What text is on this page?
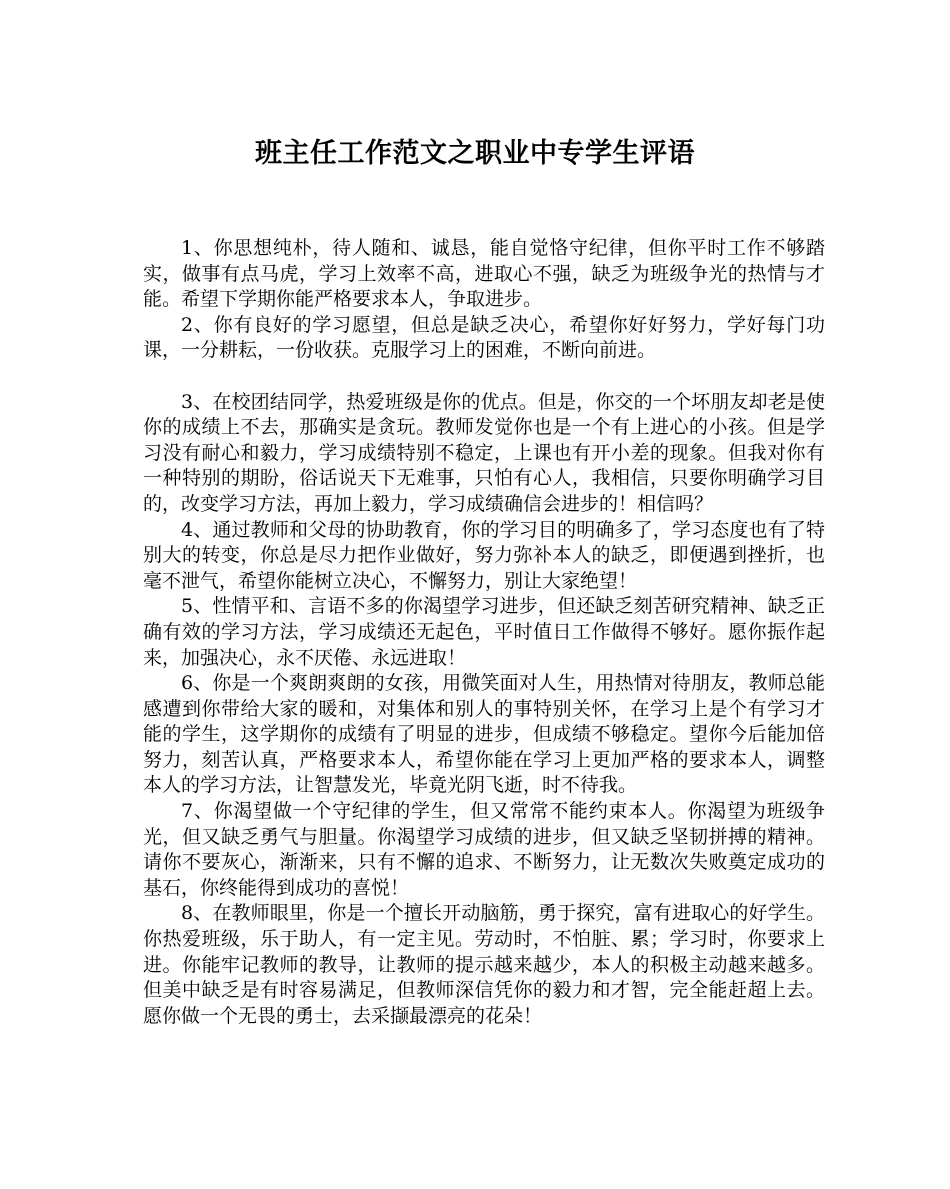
班主任工作范文之职业中专学生评语

1、你思想纯朴，待人随和、诚恳，能自觉恪守纪律，但你平时工作不够踏实，做事有点马虎，学习上效率不高，进取心不强，缺乏为班级争光的热情与才能。希望下学期你能严格要求本人，争取进步。

2、你有良好的学习愿望，但总是缺乏决心，希望你好好努力，学好每门功课，一分耕耘，一份收获。克服学习上的困难，不断向前进。

3、在校团结同学，热爱班级是你的优点。但是，你交的一个坏朋友却老是使你的成绩上不去，那确实是贪玩。教师发觉你也是一个有上进心的小孩。但是学习没有耐心和毅力，学习成绩特别不稳定，上课也有开小差的现象。但我对你有一种特别的期盼，俗话说天下无难事，只怕有心人，我相信，只要你明确学习目的，改变学习方法，再加上毅力，学习成绩确信会进步的！相信吗？

4、通过教师和父母的协助教育，你的学习目的明确多了，学习态度也有了特别大的转变，你总是尽力把作业做好，努力弥补本人的缺乏，即便遇到挫折，也毫不泄气，希望你能树立决心，不懈努力，别让大家绝望！

5、性情平和、言语不多的你渴望学习进步，但还缺乏刻苦研究精神、缺乏正确有效的学习方法，学习成绩还无起色，平时值日工作做得不够好。愿你振作起来，加强决心，永不厌倦、永远进取！

6、你是一个爽朗爽朗的女孩，用微笑面对人生，用热情对待朋友，教师总能感遭到你带给大家的暖和，对集体和别人的事特别关怀，在学习上是个有学习才能的学生，这学期你的成绩有了明显的进步，但成绩不够稳定。望你今后能加倍努力，刻苦认真，严格要求本人，希望你能在学习上更加严格的要求本人，调整本人的学习方法，让智慧发光，毕竟光阴飞逝，时不待我。

7、你渴望做一个守纪律的学生，但又常常不能约束本人。你渴望为班级争光，但又缺乏勇气与胆量。你渴望学习成绩的进步，但又缺乏坚韧拼搏的精神。请你不要灰心，渐渐来，只有不懈的追求、不断努力，让无数次失败奠定成功的基石，你终能得到成功的喜悦！

8、在教师眼里，你是一个擅长开动脑筋，勇于探究，富有进取心的好学生。你热爱班级，乐于助人，有一定主见。劳动时，不怕脏、累；学习时，你要求上进。你能牢记教师的教导，让教师的提示越来越少，本人的积极主动越来越多。但美中缺乏是有时容易满足，但教师深信凭你的毅力和才智，完全能赶超上去。愿你做一个无畏的勇士，去采撷最漂亮的花朵！
